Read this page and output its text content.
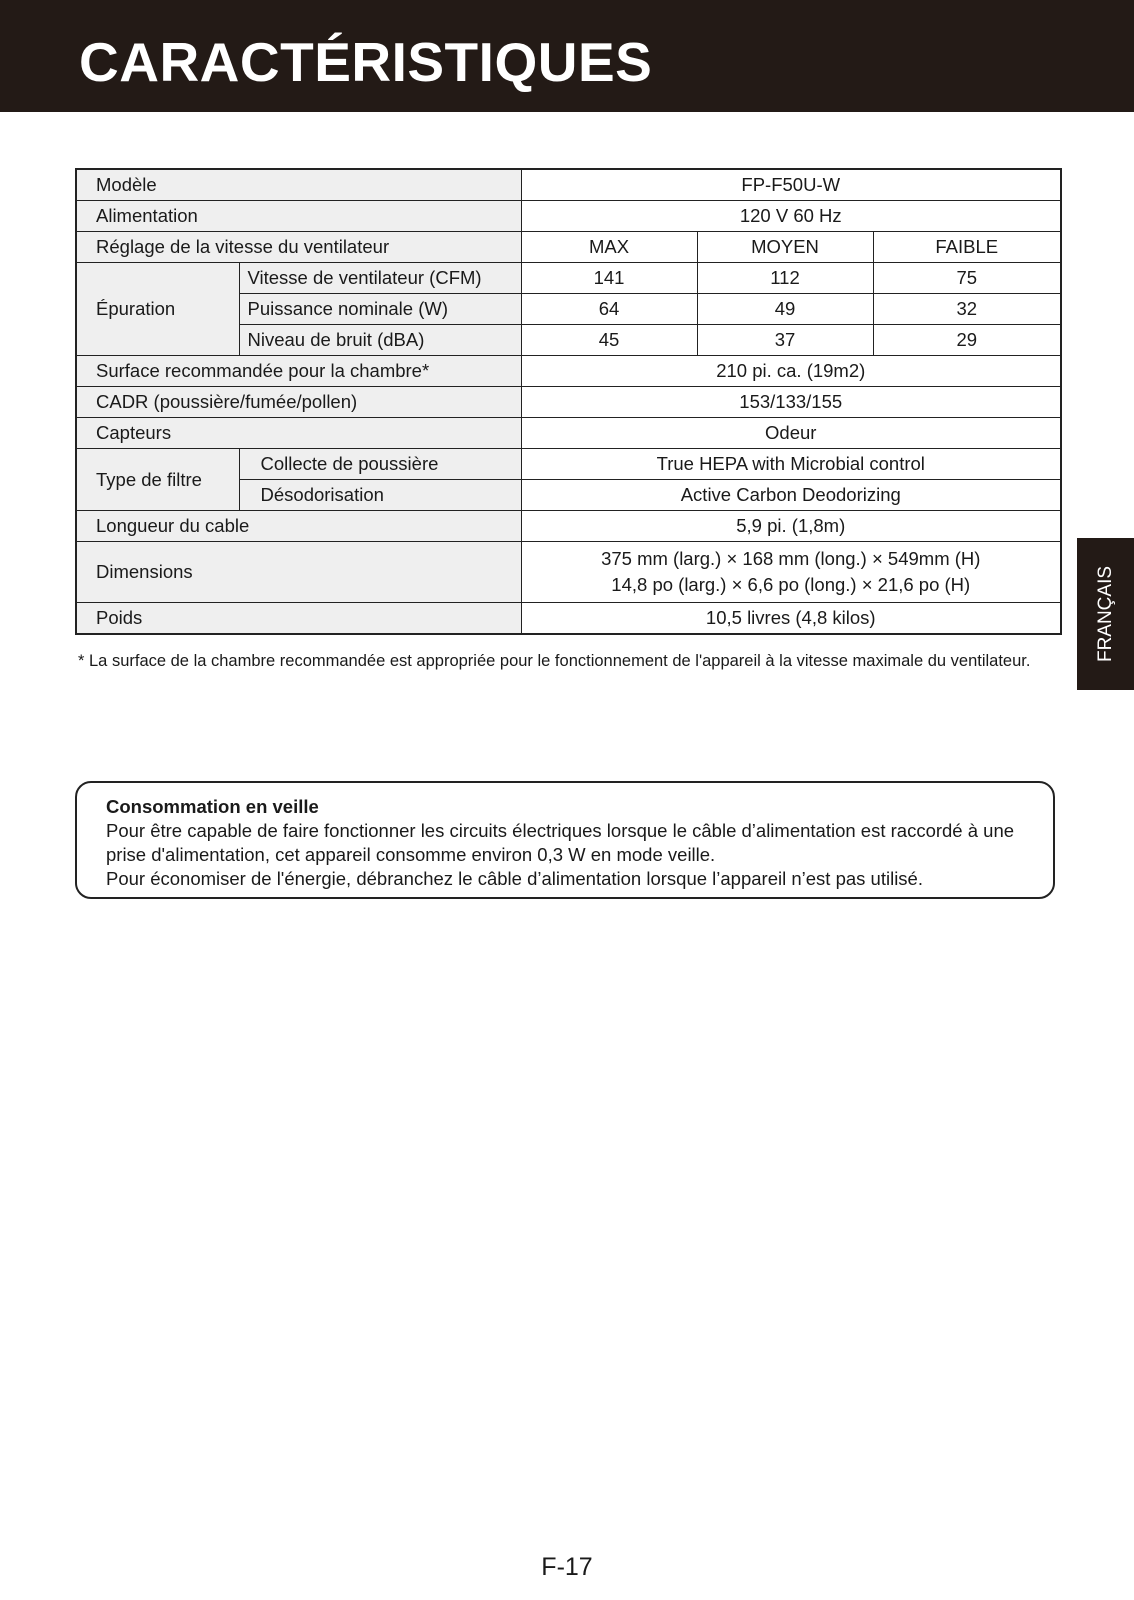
CARACTÉRISTIQUES
FRANÇAIS
Modèle		FP-F50U-W		
Alimentation		120 V 60 Hz		
Réglage de la vitesse du ventilateur		MAX	MOYEN	FAIBLE
Épuration	Vitesse de ventilateur (CFM)	141	112	75
	Puissance nominale (W)	64	49	32
	Niveau de bruit (dBA)	45	37	29
Surface recommandée pour la chambre*		210 pi. ca. (19m2)		
CADR (poussière/fumée/pollen)		153/133/155		
Capteurs		Odeur		
Type de filtre	Collecte de poussière	True HEPA with Microbial control		
	Désodorisation	Active Carbon Deodorizing		
Longueur du cable		5,9 pi. (1,8m)		
Dimensions		375 mm (larg.) × 168 mm (long.) × 549mm (H)
14,8 po (larg.) × 6,6 po (long.) × 21,6 po (H)		

Poids		10,5 livres (4,8 kilos)		

* La surface de la chambre recommandée est appropriée pour le fonctionnement de l'appareil à la vitesse maximale du ventilateur.

Consommation en veille

Pour être capable de faire fonctionner les circuits électriques lorsque le câble d’alimentation est raccordé à une prise d'alimentation, cet appareil consomme environ 0,3 W en mode veille.

Pour économiser de l'énergie, débranchez le câble d’alimentation lorsque l’appareil n’est pas utilisé.

F-17
